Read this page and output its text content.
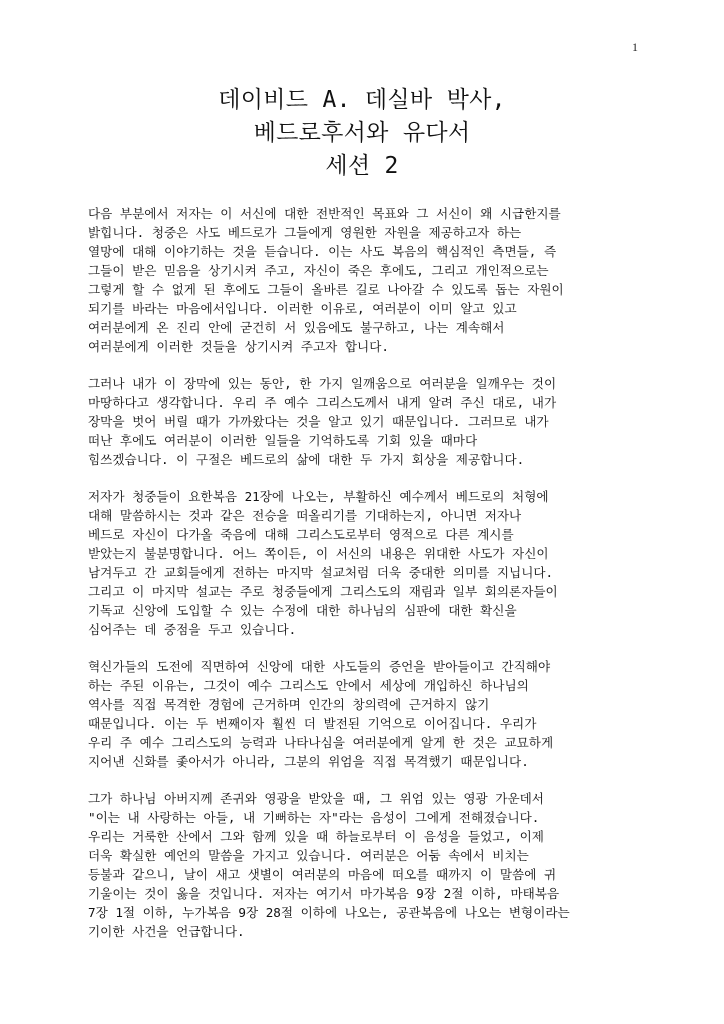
1
데이비드 A. 데실바 박사,
베드로후서와 유다서
세션 2
다음 부분에서 저자는 이 서신에 대한 전반적인 목표와 그 서신이 왜 시급한지를
밝힙니다. 청중은 사도 베드로가 그들에게 영원한 자원을 제공하고자 하는
열망에 대해 이야기하는 것을 듣습니다. 이는 사도 복음의 핵심적인 측면들, 즉
그들이 받은 믿음을 상기시켜 주고, 자신이 죽은 후에도, 그리고 개인적으로는
그렇게 할 수 없게 된 후에도 그들이 올바른 길로 나아갈 수 있도록 돕는 자원이
되기를 바라는 마음에서입니다. 이러한 이유로, 여러분이 이미 알고 있고
여러분에게 온 진리 안에 굳건히 서 있음에도 불구하고, 나는 계속해서
여러분에게 이러한 것들을 상기시켜 주고자 합니다.
그러나 내가 이 장막에 있는 동안, 한 가지 일깨움으로 여러분을 일깨우는 것이
마땅하다고 생각합니다. 우리 주 예수 그리스도께서 내게 알려 주신 대로, 내가
장막을 벗어 버릴 때가 가까왔다는 것을 알고 있기 때문입니다. 그러므로 내가
떠난 후에도 여러분이 이러한 일들을 기억하도록 기회 있을 때마다
힘쓰겠습니다. 이 구절은 베드로의 삶에 대한 두 가지 회상을 제공합니다.
저자가 청중들이 요한복음 21장에 나오는, 부활하신 예수께서 베드로의 처형에
대해 말씀하시는 것과 같은 전승을 떠올리기를 기대하는지, 아니면 저자나
베드로 자신이 다가올 죽음에 대해 그리스도로부터 영적으로 다른 계시를
받았는지 불분명합니다. 어느 쪽이든, 이 서신의 내용은 위대한 사도가 자신이
남겨두고 간 교회들에게 전하는 마지막 설교처럼 더욱 중대한 의미를 지닙니다.
그리고 이 마지막 설교는 주로 청중들에게 그리스도의 재림과 일부 회의론자들이
기독교 신앙에 도입할 수 있는 수정에 대한 하나님의 심판에 대한 확신을
심어주는 데 중점을 두고 있습니다.
혁신가들의 도전에 직면하여 신앙에 대한 사도들의 증언을 받아들이고 간직해야
하는 주된 이유는, 그것이 예수 그리스도 안에서 세상에 개입하신 하나님의
역사를 직접 목격한 경험에 근거하며 인간의 창의력에 근거하지 않기
때문입니다. 이는 두 번째이자 훨씬 더 발전된 기억으로 이어집니다. 우리가
우리 주 예수 그리스도의 능력과 나타나심을 여러분에게 알게 한 것은 교묘하게
지어낸 신화를 좇아서가 아니라, 그분의 위엄을 직접 목격했기 때문입니다.
그가 하나님 아버지께 존귀와 영광을 받았을 때, 그 위엄 있는 영광 가운데서
"이는 내 사랑하는 아들, 내 기뻐하는 자"라는 음성이 그에게 전해졌습니다.
우리는 거룩한 산에서 그와 함께 있을 때 하늘로부터 이 음성을 들었고, 이제
더욱 확실한 예언의 말씀을 가지고 있습니다. 여러분은 어둠 속에서 비치는
등불과 같으니, 날이 새고 샛별이 여러분의 마음에 떠오를 때까지 이 말씀에 귀
기울이는 것이 옳을 것입니다. 저자는 여기서 마가복음 9장 2절 이하, 마태복음
7장 1절 이하, 누가복음 9장 28절 이하에 나오는, 공관복음에 나오는 변형이라는
기이한 사건을 언급합니다.
